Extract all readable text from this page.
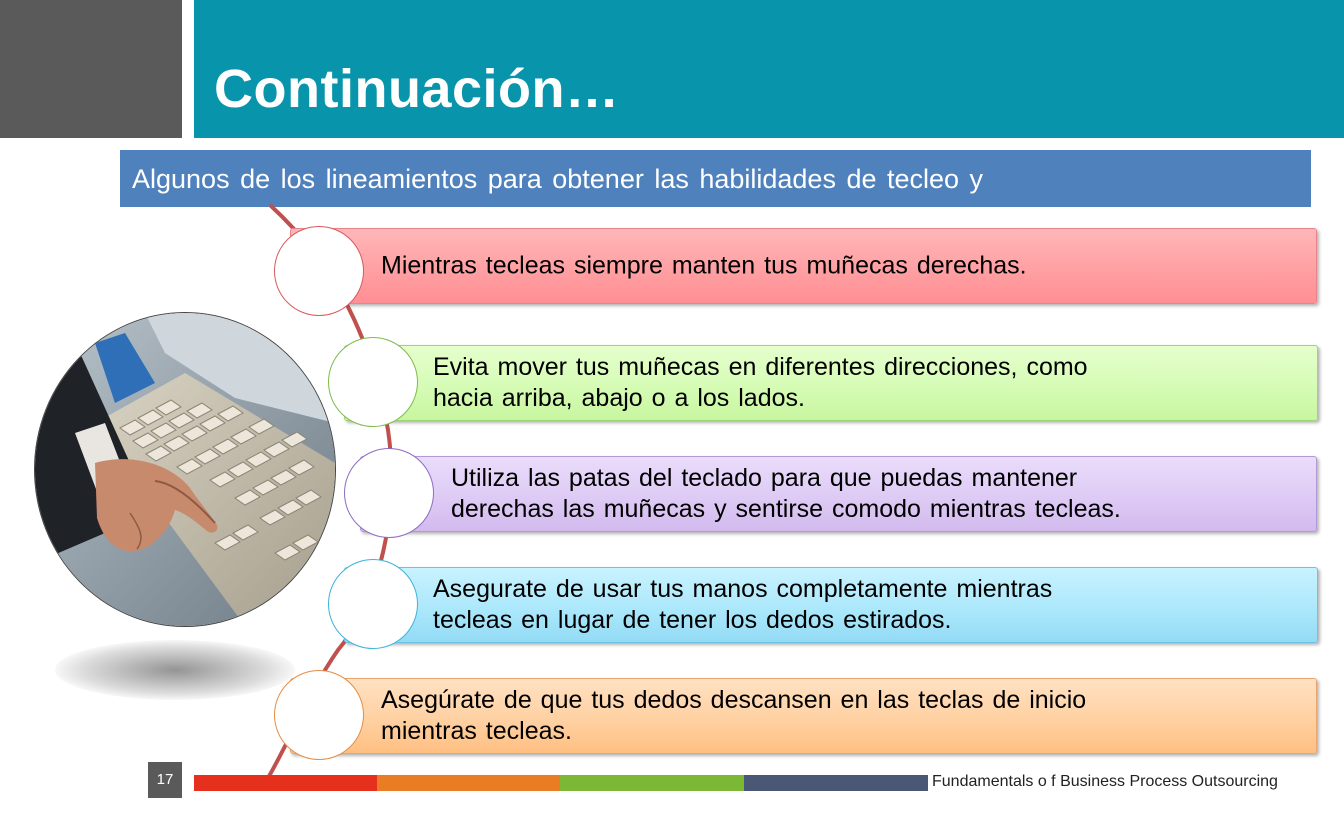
Continuación…

Algunos de los lineamientos para obtener las habilidades de tecleo y

Mientras tecleas siempre manten tus muñecas derechas.
Evita mover tus muñecas en diferentes direcciones, como
hacia arriba, abajo o a los lados.
Utiliza las patas del teclado para que puedas mantener
derechas las muñecas y sentirse comodo mientras tecleas.
Asegurate de usar tus manos completamente mientras
tecleas en lugar de tener los dedos estirados.
Asegúrate de que tus dedos descansen en las teclas de inicio
mientras tecleas.
17	Fundamentals o f Business Process Outsourcing
